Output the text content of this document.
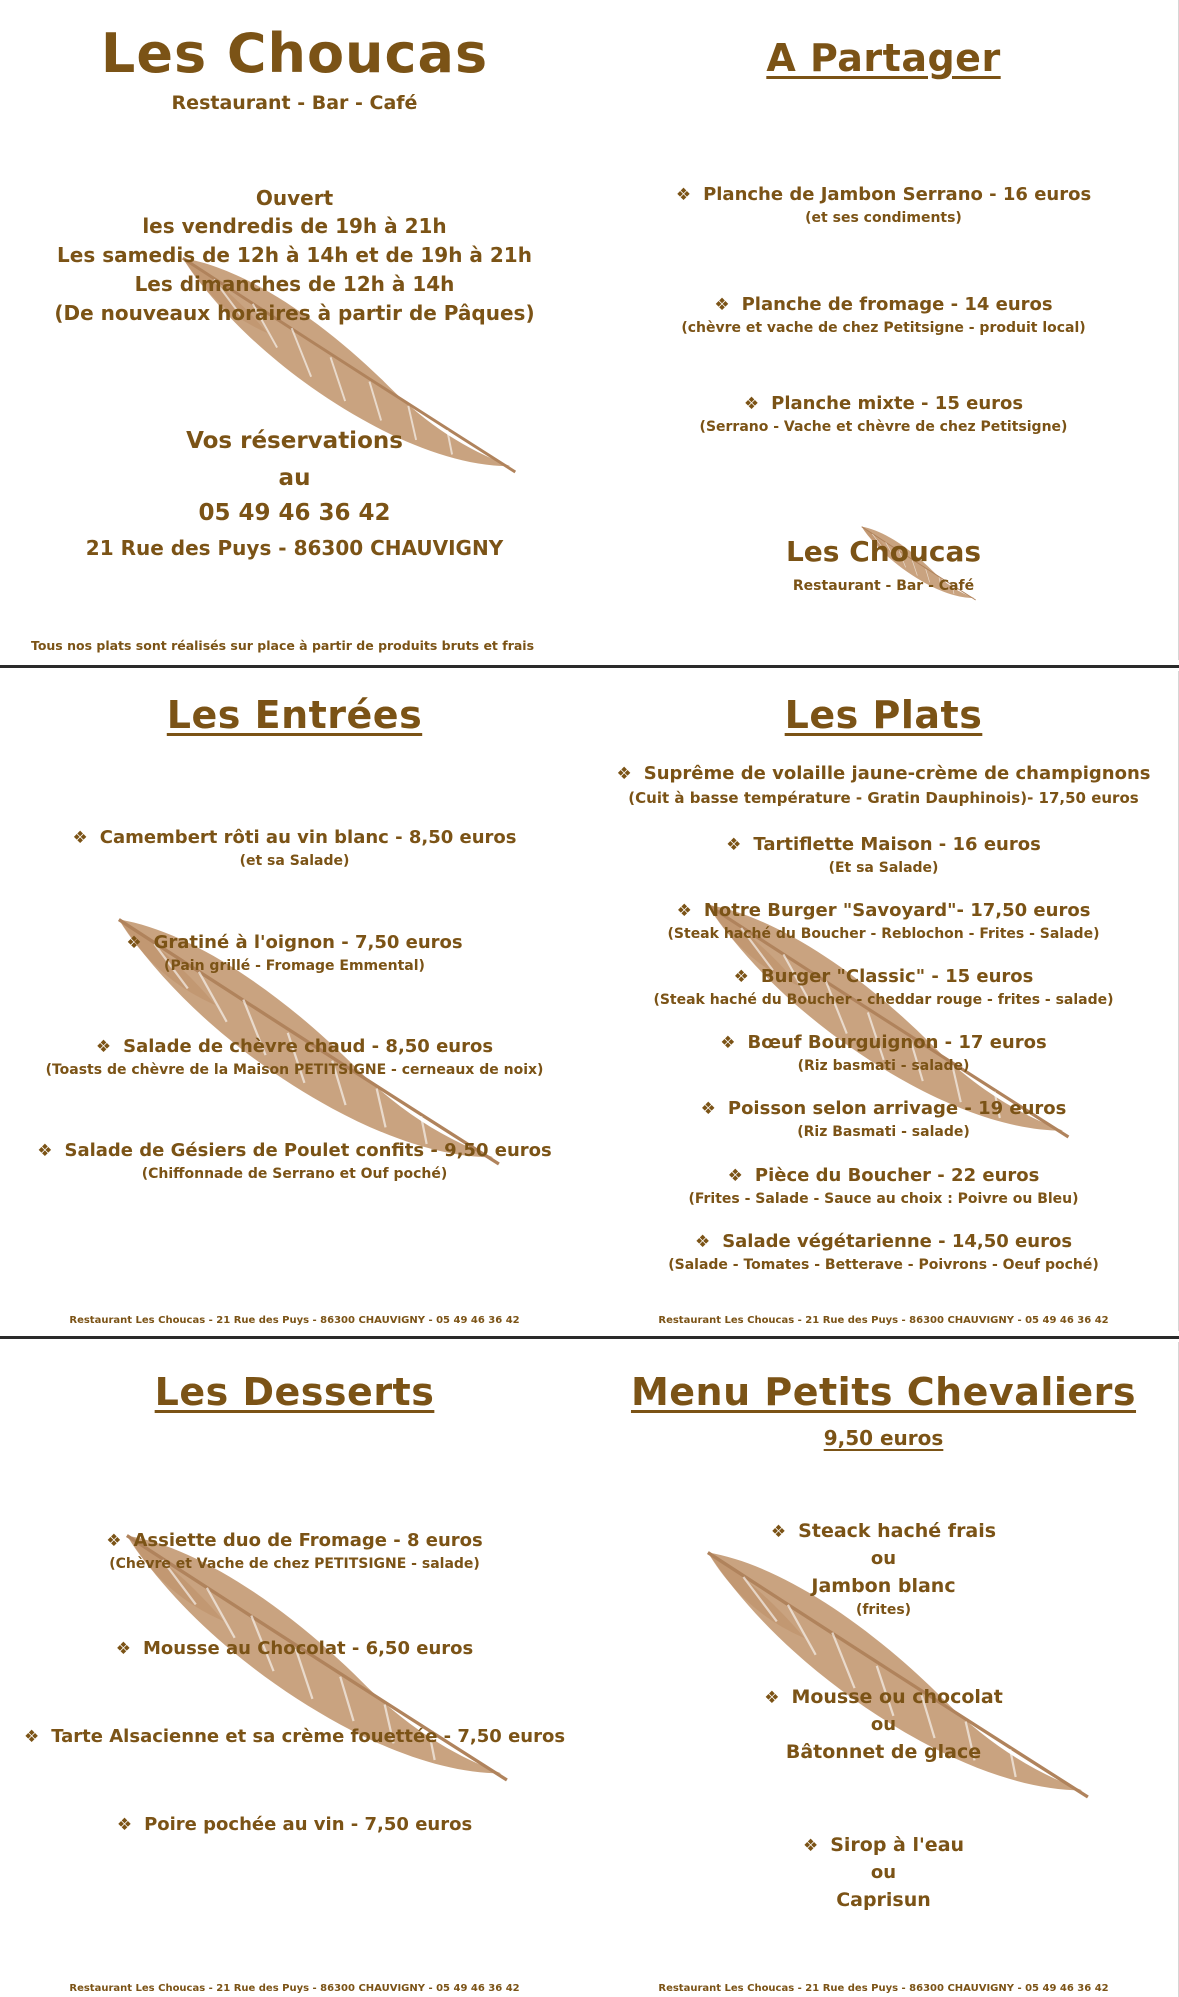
Les Choucas
Restaurant - Bar - Café
Ouvert
les vendredis de 19h à 21h
Les samedis de 12h à 14h et de 19h à 21h
Les dimanches de 12h à 14h
(De nouveaux horaires à partir de Pâques)
Vos réservations
au
05 49 46 36 42
21 Rue des Puys - 86300 CHAUVIGNY
Tous nos plats sont réalisés sur place à partir de produits bruts et frais
A Partager
❖ Planche de Jambon Serrano - 16 euros
(et ses condiments)
❖ Planche de fromage - 14 euros
(chèvre et vache de chez Petitsigne - produit local)
❖ Planche mixte - 15 euros
(Serrano - Vache et chèvre de chez Petitsigne)
Les Choucas
Restaurant - Bar - Café
Les Entrées
❖ Camembert rôti au vin blanc - 8,50 euros
(et sa Salade)
❖ Gratiné à l'oignon - 7,50 euros
(Pain grillé - Fromage Emmental)
❖ Salade de chèvre chaud - 8,50 euros
(Toasts de chèvre de la Maison PETITSIGNE - cerneaux de noix)
❖ Salade de Gésiers de Poulet confits - 9,50 euros
(Chiffonnade de Serrano et Ouf poché)
Restaurant Les Choucas - 21 Rue des Puys - 86300 CHAUVIGNY - 05 49 46 36 42
Les Plats
❖ Suprême de volaille jaune-crème de champignons
(Cuit à basse température - Gratin Dauphinois)- 17,50 euros
❖ Tartiflette Maison - 16 euros
(Et sa Salade)
❖ Notre Burger "Savoyard"- 17,50 euros
(Steak haché du Boucher - Reblochon - Frites - Salade)
❖ Burger "Classic" - 15 euros
(Steak haché du Boucher - cheddar rouge - frites - salade)
❖ Bœuf Bourguignon - 17 euros
(Riz basmati - salade)
❖ Poisson selon arrivage - 19 euros
(Riz Basmati - salade)
❖ Pièce du Boucher - 22 euros
(Frites - Salade - Sauce au choix : Poivre ou Bleu)
❖ Salade végétarienne - 14,50 euros
(Salade - Tomates - Betterave - Poivrons - Oeuf poché)
Restaurant Les Choucas - 21 Rue des Puys - 86300 CHAUVIGNY - 05 49 46 36 42
Les Desserts
❖ Assiette duo de Fromage - 8 euros
(Chèvre et Vache de chez PETITSIGNE - salade)
❖ Mousse au Chocolat - 6,50 euros
❖ Tarte Alsacienne et sa crème fouettée - 7,50 euros
❖ Poire pochée au vin - 7,50 euros
Restaurant Les Choucas - 21 Rue des Puys - 86300 CHAUVIGNY - 05 49 46 36 42
Menu Petits Chevaliers
9,50 euros
❖ Steack haché frais
ou
Jambon blanc
(frites)
❖ Mousse ou chocolat
ou
Bâtonnet de glace
❖ Sirop à l'eau
ou
Caprisun
Restaurant Les Choucas - 21 Rue des Puys - 86300 CHAUVIGNY - 05 49 46 36 42
